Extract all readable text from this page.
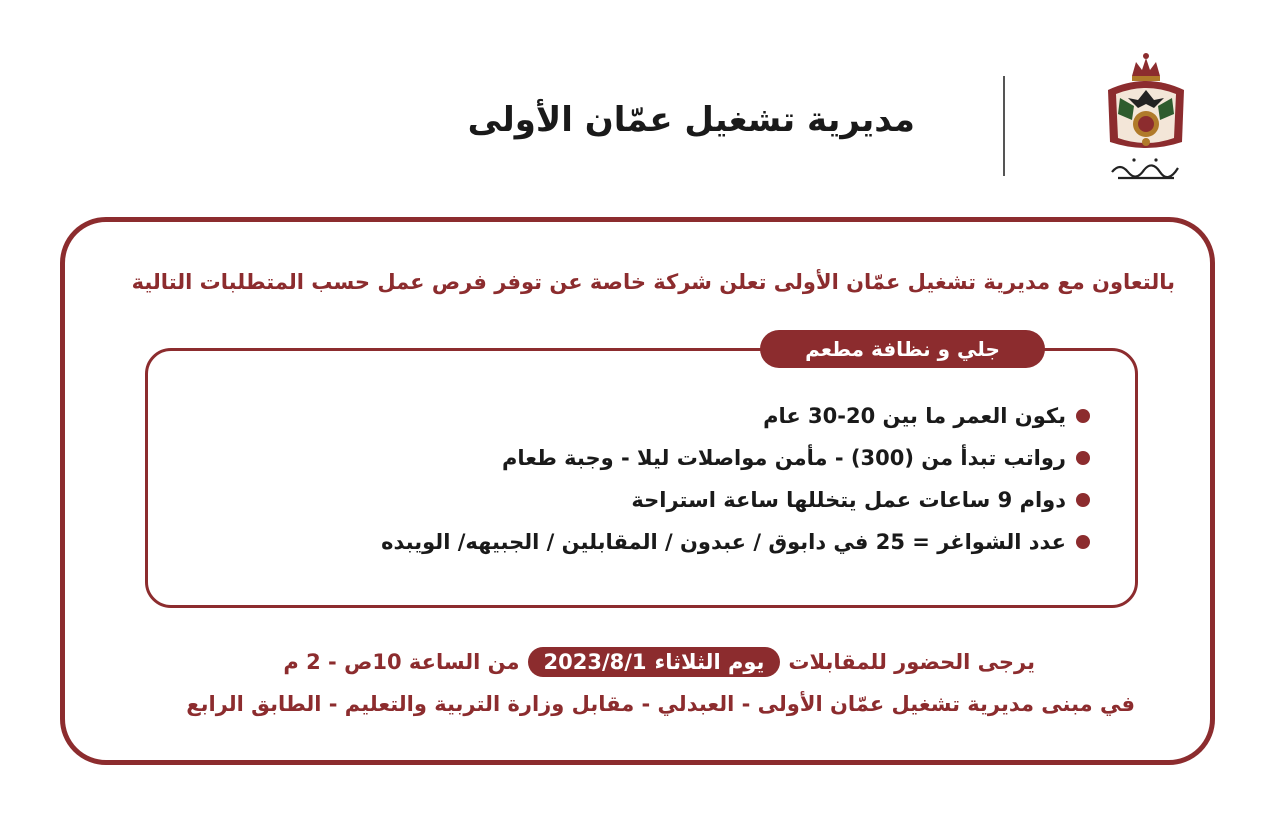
مديرية تشغيل عمّان الأولى
بالتعاون مع مديرية تشغيل عمّان الأولى تعلن شركة خاصة عن توفر فرص عمل حسب المتطلبات التالية
جلي و نظافة مطعم
يكون العمر ما بين 20-30 عام
رواتب تبدأ من (300) - مأمن مواصلات ليلا - وجبة طعام
دوام 9 ساعات عمل يتخللها ساعة استراحة
عدد الشواغر = 25 في دابوق / عبدون / المقابلين / الجبيهه/ الويبده
يرجى الحضور للمقابلات
يوم الثلاثاء
2023/8/1
من الساعة 10ص - 2 م
في مبنى مديرية تشغيل عمّان الأولى - العبدلي - مقابل وزارة التربية والتعليم - الطابق الرابع
